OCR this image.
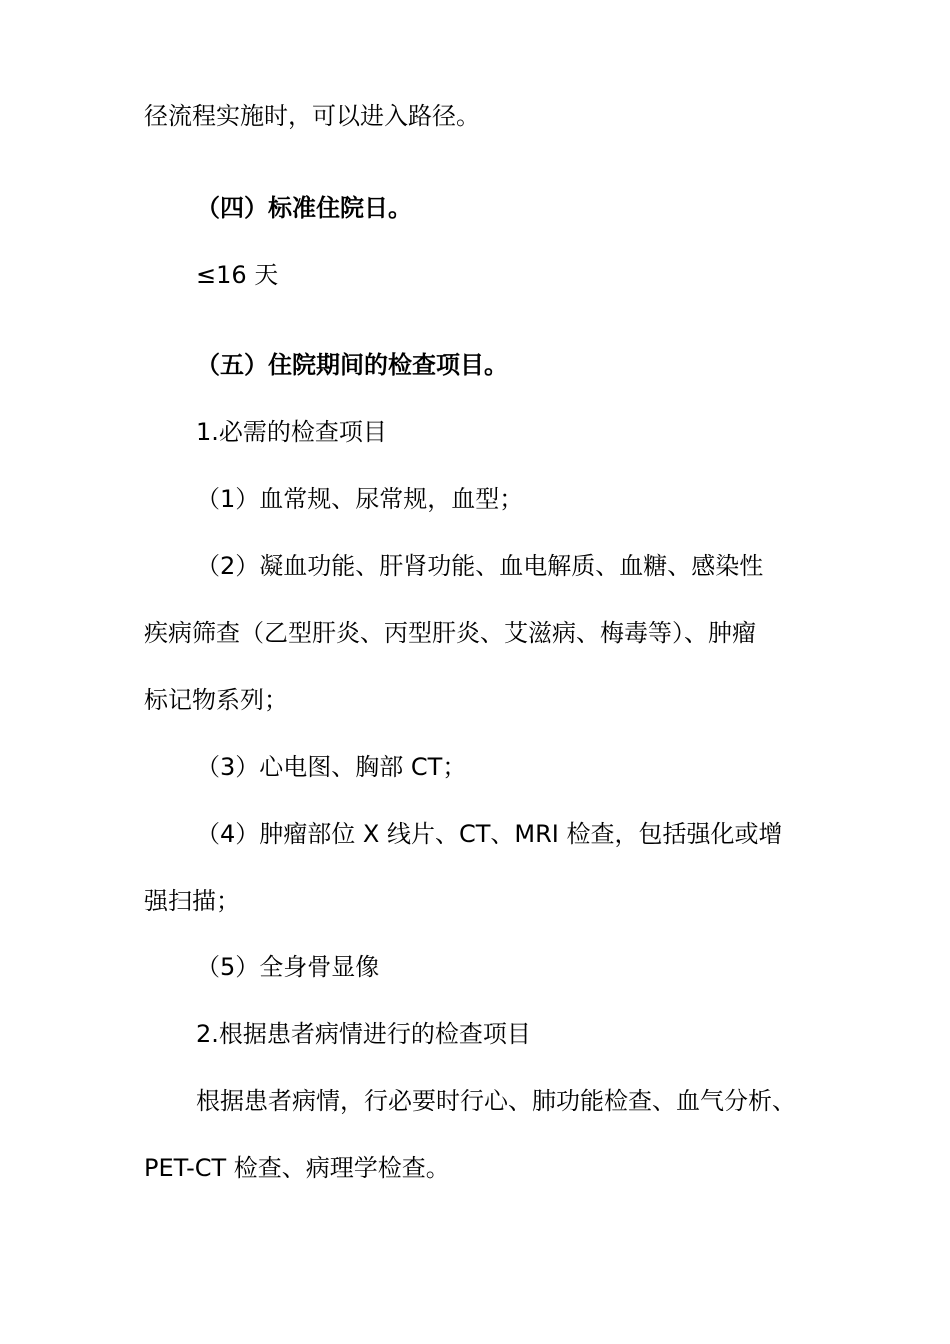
径流程实施时，可以进入路径。
（四）标准住院日。
≤16 天
（五）住院期间的检查项目。
1.必需的检查项目
（1）血常规、尿常规，血型；
（2）凝血功能、肝肾功能、血电解质、血糖、感染性
疾病筛查（乙型肝炎、丙型肝炎、艾滋病、梅毒等）、肿瘤
标记物系列；
（3）心电图、胸部 CT；
（4）肿瘤部位 X 线片、CT、MRI 检查，包括强化或增
强扫描；
（5）全身骨显像
2.根据患者病情进行的检查项目
根据患者病情，行必要时行心、肺功能检查、血气分析、
PET-CT 检查、病理学检查。
